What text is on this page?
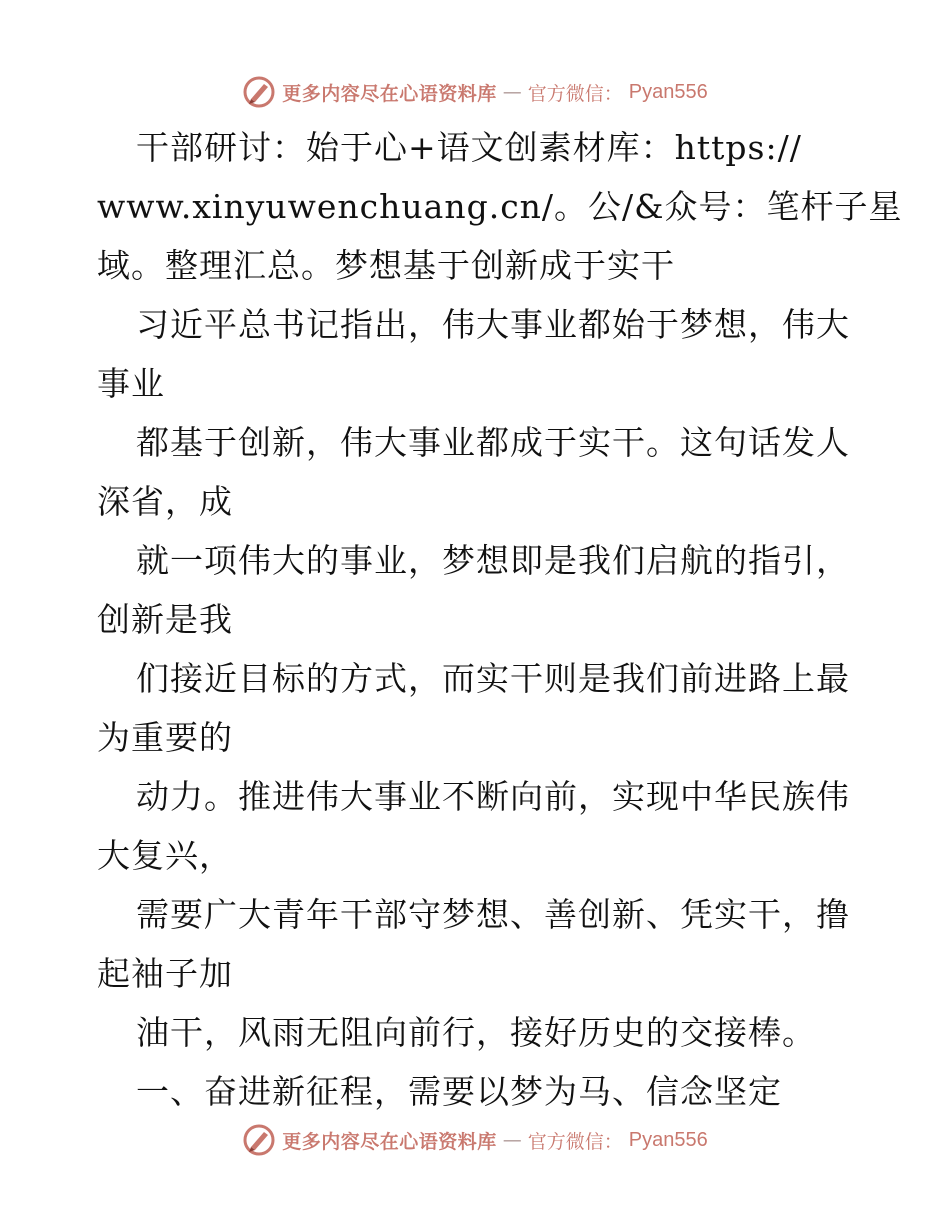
更多内容尽在心语资料库 — 官方微信： Pyan556
干部研讨：始于心+语文创素材库：https://
www.xinyuwenchuang.cn/。公/&众号：笔杆子星
域。整理汇总。梦想基于创新成于实干
习近平总书记指出，伟大事业都始于梦想，伟大
事业
都基于创新，伟大事业都成于实干。这句话发人
深省，成
就一项伟大的事业，梦想即是我们启航的指引，
创新是我
们接近目标的方式，而实干则是我们前进路上最
为重要的
动力。推进伟大事业不断向前，实现中华民族伟
大复兴，
需要广大青年干部守梦想、善创新、凭实干，撸
起袖子加
油干，风雨无阻向前行，接好历史的交接棒。
一、奋进新征程，需要以梦为马、信念坚定
更多内容尽在心语资料库 — 官方微信： Pyan556
